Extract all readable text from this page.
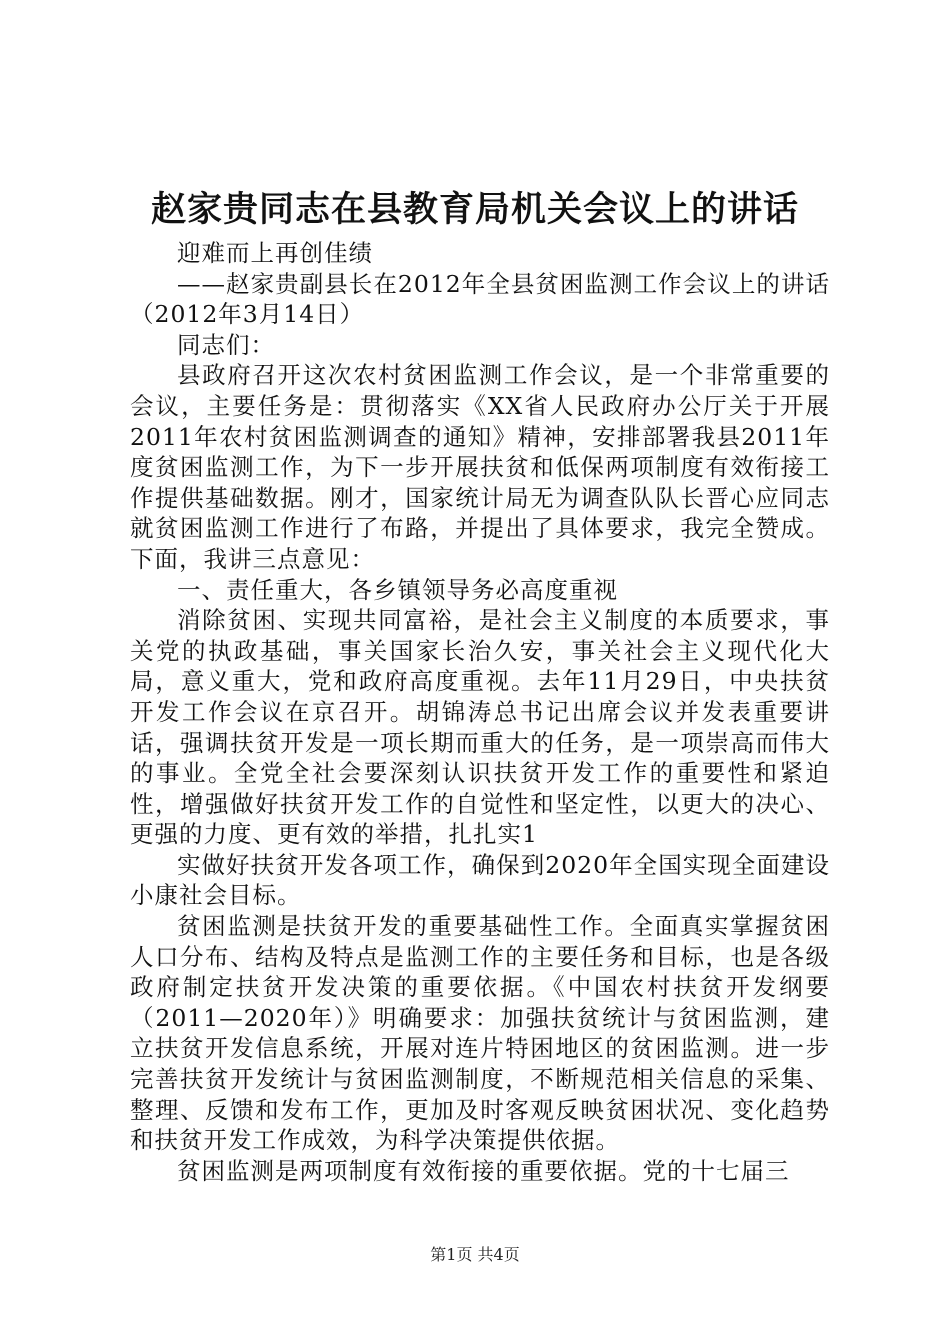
赵家贵同志在县教育局机关会议上的讲话

迎难而上再创佳绩

——赵家贵副县长在2012年全县贫困监测工作会议上的讲话（2012年3月14日）

同志们：

县政府召开这次农村贫困监测工作会议，是一个非常重要的会议，主要任务是：贯彻落实《XX省人民政府办公厅关于开展2011年农村贫困监测调查的通知》精神，安排部署我县2011年度贫困监测工作，为下一步开展扶贫和低保两项制度有效衔接工作提供基础数据。刚才，国家统计局无为调查队队长晋心应同志就贫困监测工作进行了布路，并提出了具体要求，我完全赞成。下面，我讲三点意见：

一、责任重大，各乡镇领导务必高度重视

消除贫困、实现共同富裕，是社会主义制度的本质要求，事关党的执政基础，事关国家长治久安，事关社会主义现代化大局，意义重大，党和政府高度重视。去年11月29日，中央扶贫开发工作会议在京召开。胡锦涛总书记出席会议并发表重要讲话，强调扶贫开发是一项长期而重大的任务，是一项崇高而伟大的事业。全党全社会要深刻认识扶贫开发工作的重要性和紧迫性，增强做好扶贫开发工作的自觉性和坚定性，以更大的决心、更强的力度、更有效的举措，扎扎实1

实做好扶贫开发各项工作，确保到2020年全国实现全面建设小康社会目标。

贫困监测是扶贫开发的重要基础性工作。全面真实掌握贫困人口分布、结构及特点是监测工作的主要任务和目标，也是各级政府制定扶贫开发决策的重要依据。《中国农村扶贫开发纲要（2011—2020年）》明确要求：加强扶贫统计与贫困监测，建立扶贫开发信息系统，开展对连片特困地区的贫困监测。进一步完善扶贫开发统计与贫困监测制度，不断规范相关信息的采集、整理、反馈和发布工作，更加及时客观反映贫困状况、变化趋势和扶贫开发工作成效，为科学决策提供依据。

贫困监测是两项制度有效衔接的重要依据。党的十七届三

第1页 共4页
